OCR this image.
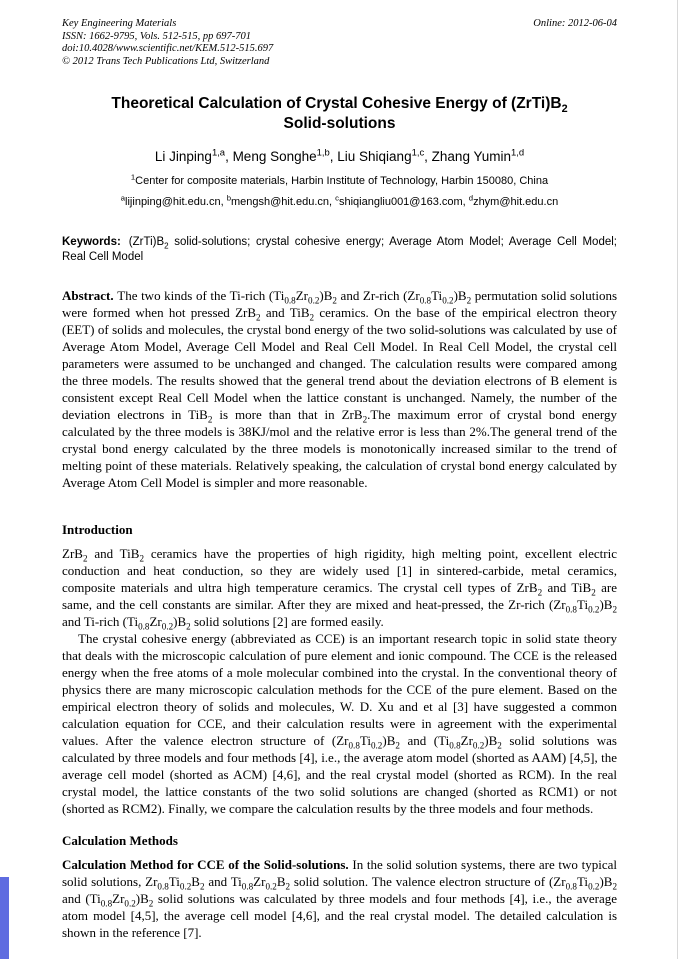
Key Engineering Materials
ISSN: 1662-9795, Vols. 512-515, pp 697-701
doi:10.4028/www.scientific.net/KEM.512-515.697
© 2012 Trans Tech Publications Ltd, Switzerland
Online: 2012-06-04
Theoretical Calculation of Crystal Cohesive Energy of $(ZrTi)B_2$ Solid-solutions
Li Jinping$^{1,a}$, Meng Songhe$^{1,b}$, Liu Shiqiang$^{1,c}$, Zhang Yumin$^{1,d}$
$^1$Center for composite materials, Harbin Institute of Technology, Harbin 150080, China
$^a$lijinping@hit.edu.cn, $^b$mengsh@hit.edu.cn, $^c$shiqiangliu001@163.com, $^d$zhym@hit.edu.cn

Keywords: $(ZrTi)B_2$ solid-solutions; crystal cohesive energy; Average Atom Model; Average Cell Model; Real Cell Model

Abstract. The two kinds of the Ti-rich $(Ti_{0.8}Zr_{0.2})B_2$ and Zr-rich $(Zr_{0.8}Ti_{0.2})B_2$ permutation solid solutions were formed when hot pressed ZrB$_2$ and TiB$_2$ ceramics. On the base of the empirical electron theory (EET) of solids and molecules, the crystal bond energy of the two solid-solutions was calculated by use of Average Atom Model, Average Cell Model and Real Cell Model. In Real Cell Model, the crystal cell parameters were assumed to be unchanged and changed. The calculation results were compared among the three models. The results showed that the general trend about the deviation electrons of B element is consistent except Real Cell Model when the lattice constant is unchanged. Namely, the number of the deviation electrons in TiB$_2$ is more than that in ZrB$_2$.The maximum error of crystal bond energy calculated by the three models is 38KJ/mol and the relative error is less than 2%.The general trend of the crystal bond energy calculated by the three models is monotonically increased similar to the trend of melting point of these materials. Relatively speaking, the calculation of crystal bond energy calculated by Average Atom Cell Model is simpler and more reasonable.

Introduction

ZrB$_2$ and TiB$_2$ ceramics have the properties of high rigidity, high melting point, excellent electric conduction and heat conduction, so they are widely used [1] in sintered-carbide, metal ceramics, composite materials and ultra high temperature ceramics. The crystal cell types of ZrB$_2$ and TiB$_2$ are same, and the cell constants are similar. After they are mixed and heat-pressed, the Zr-rich $(Zr_{0.8}Ti_{0.2})B_2$ and Ti-rich $(Ti_{0.8}Zr_{0.2})B_2$ solid solutions [2] are formed easily.

The crystal cohesive energy (abbreviated as CCE) is an important research topic in solid state theory that deals with the microscopic calculation of pure element and ionic compound. The CCE is the released energy when the free atoms of a mole molecular combined into the crystal. In the conventional theory of physics there are many microscopic calculation methods for the CCE of the pure element. Based on the empirical electron theory of solids and molecules, W. D. Xu and et al [3] have suggested a common calculation equation for CCE, and their calculation results were in agreement with the experimental values. After the valence electron structure of $(Zr_{0.8}Ti_{0.2})B_2$ and $(Ti_{0.8}Zr_{0.2})B_2$ solid solutions was calculated by three models and four methods [4], i.e., the average atom model (shorted as AAM) [4,5], the average cell model (shorted as ACM) [4,6], and the real crystal model (shorted as RCM). In the real crystal model, the lattice constants of the two solid solutions are changed (shorted as RCM1) or not (shorted as RCM2). Finally, we compare the calculation results by the three models and four methods.

Calculation Methods

Calculation Method for CCE of the Solid-solutions. In the solid solution systems, there are two typical solid solutions, $Zr_{0.8}Ti_{0.2}B_2$ and $Ti_{0.8}Zr_{0.2}B_2$ solid solution. The valence electron structure of $(Zr_{0.8}Ti_{0.2})B_2$ and $(Ti_{0.8}Zr_{0.2})B_2$ solid solutions was calculated by three models and four methods [4], i.e., the average atom model [4,5], the average cell model [4,6], and the real crystal model. The detailed calculation is shown in the reference [7].
